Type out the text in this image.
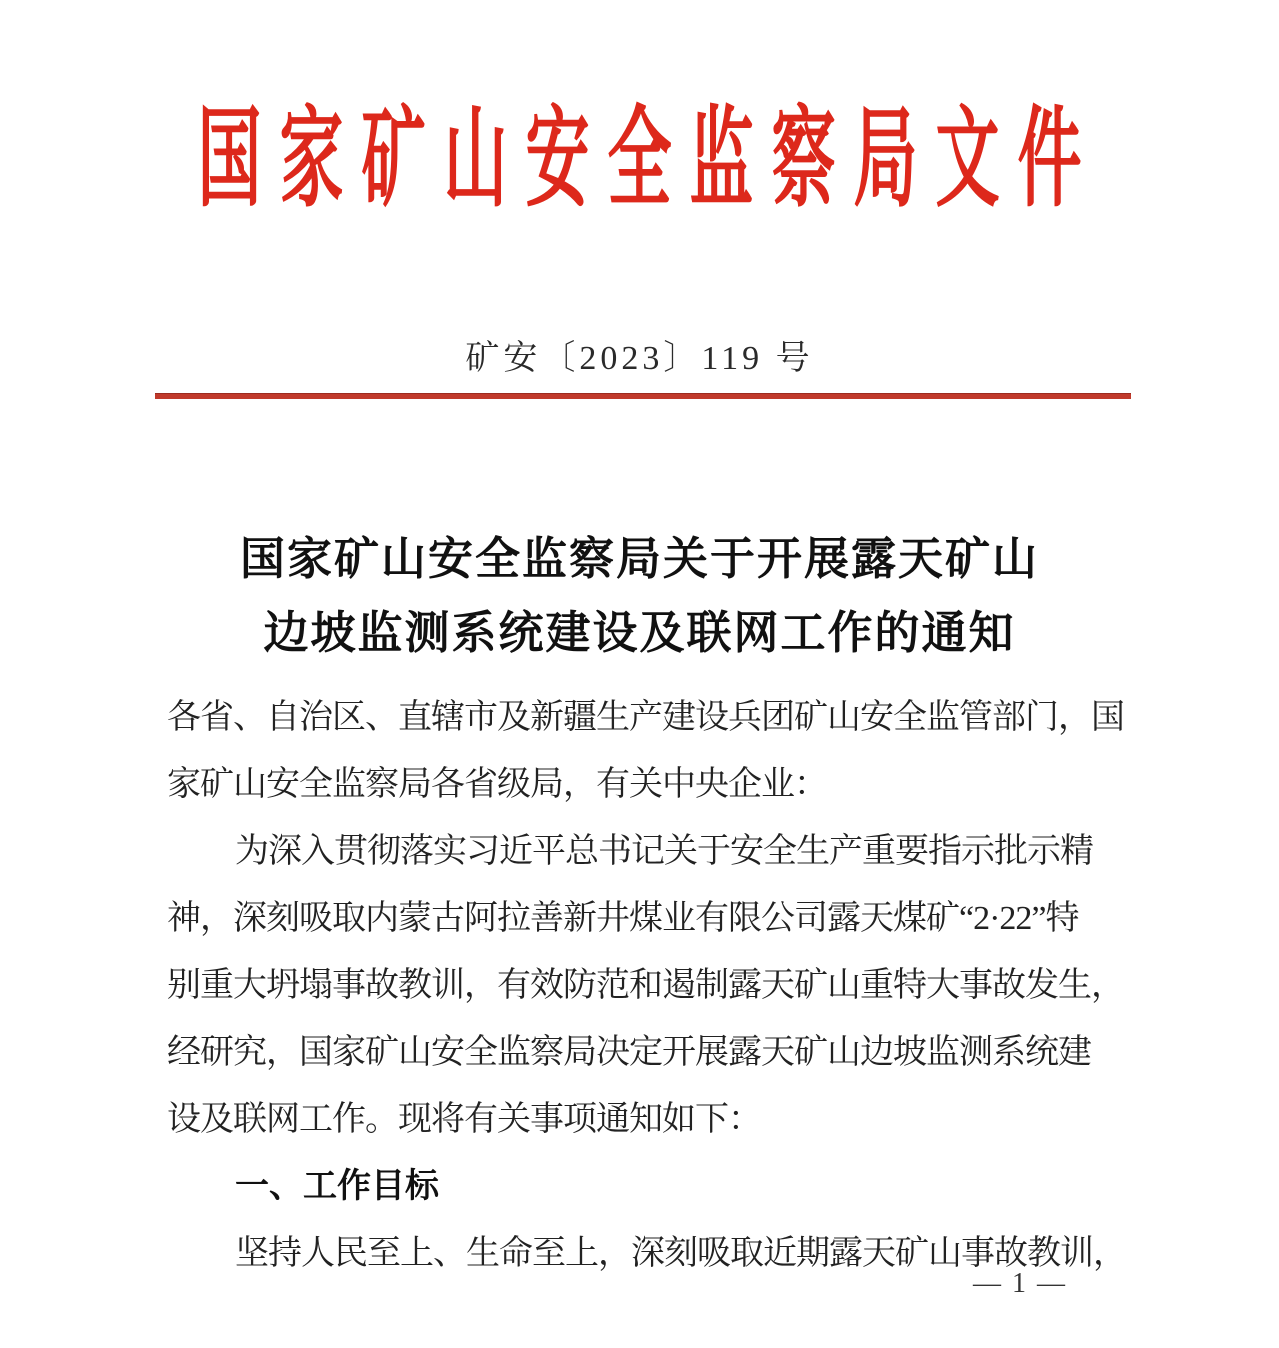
国家矿山安全监察局文件
矿安〔2023〕119 号
国家矿山安全监察局关于开展露天矿山
边坡监测系统建设及联网工作的通知
各省、自治区、直辖市及新疆生产建设兵团矿山安全监管部门，国
家矿山安全监察局各省级局，有关中央企业：
为深入贯彻落实习近平总书记关于安全生产重要指示批示精
神，深刻吸取内蒙古阿拉善新井煤业有限公司露天煤矿“2·22”特
别重大坍塌事故教训，有效防范和遏制露天矿山重特大事故发生，
经研究，国家矿山安全监察局决定开展露天矿山边坡监测系统建
设及联网工作。现将有关事项通知如下：
一、工作目标
坚持人民至上、生命至上，深刻吸取近期露天矿山事故教训，
— 1 —
